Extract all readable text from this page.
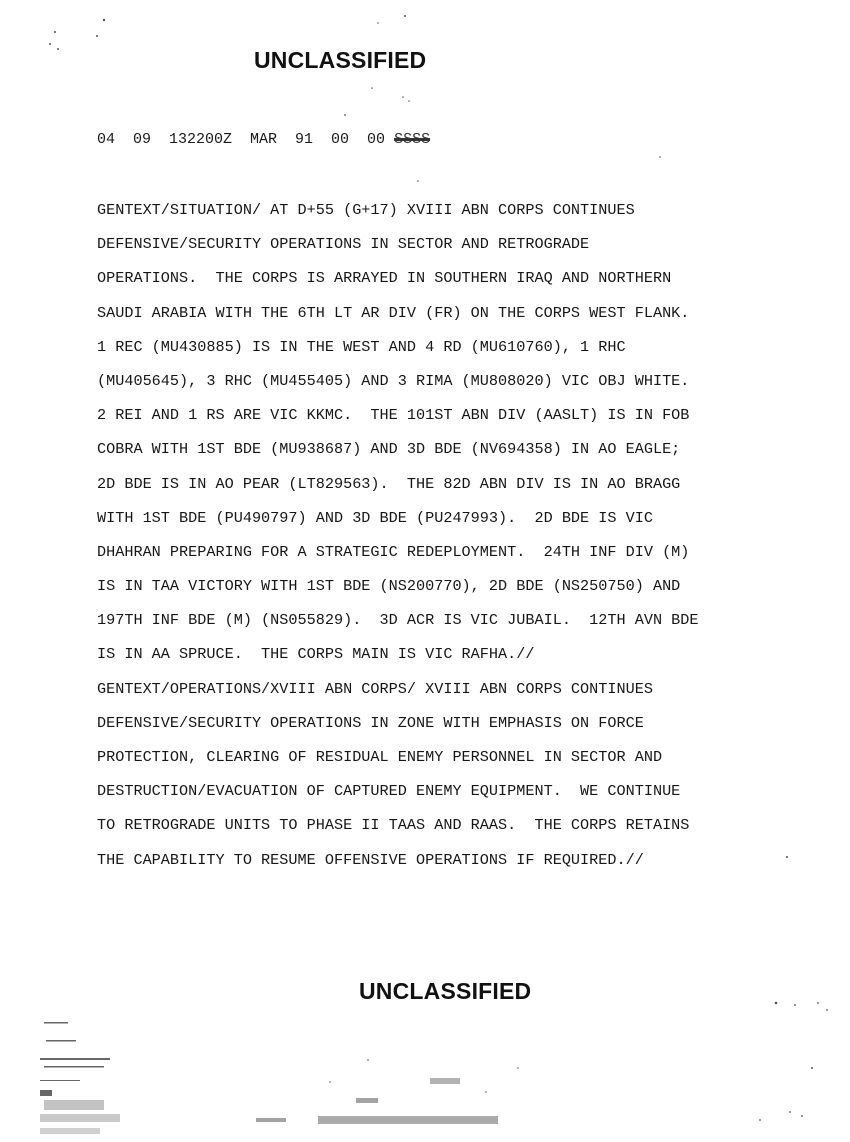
UNCLASSIFIED
04  09  132200Z  MAR  91  00  00 SSSS
GENTEXT/SITUATION/ AT D+55 (G+17) XVIII ABN CORPS CONTINUES
DEFENSIVE/SECURITY OPERATIONS IN SECTOR AND RETROGRADE
OPERATIONS.  THE CORPS IS ARRAYED IN SOUTHERN IRAQ AND NORTHERN
SAUDI ARABIA WITH THE 6TH LT AR DIV (FR) ON THE CORPS WEST FLANK.
1 REC (MU430885) IS IN THE WEST AND 4 RD (MU610760), 1 RHC
(MU405645), 3 RHC (MU455405) AND 3 RIMA (MU808020) VIC OBJ WHITE.
2 REI AND 1 RS ARE VIC KKMC.  THE 101ST ABN DIV (AASLT) IS IN FOB
COBRA WITH 1ST BDE (MU938687) AND 3D BDE (NV694358) IN AO EAGLE;
2D BDE IS IN AO PEAR (LT829563).  THE 82D ABN DIV IS IN AO BRAGG
WITH 1ST BDE (PU490797) AND 3D BDE (PU247993).  2D BDE IS VIC
DHAHRAN PREPARING FOR A STRATEGIC REDEPLOYMENT.  24TH INF DIV (M)
IS IN TAA VICTORY WITH 1ST BDE (NS200770), 2D BDE (NS250750) AND
197TH INF BDE (M) (NS055829).  3D ACR IS VIC JUBAIL.  12TH AVN BDE
IS IN AA SPRUCE.  THE CORPS MAIN IS VIC RAFHA.//
GENTEXT/OPERATIONS/XVIII ABN CORPS/ XVIII ABN CORPS CONTINUES
DEFENSIVE/SECURITY OPERATIONS IN ZONE WITH EMPHASIS ON FORCE
PROTECTION, CLEARING OF RESIDUAL ENEMY PERSONNEL IN SECTOR AND
DESTRUCTION/EVACUATION OF CAPTURED ENEMY EQUIPMENT.  WE CONTINUE
TO RETROGRADE UNITS TO PHASE II TAAS AND RAAS.  THE CORPS RETAINS
THE CAPABILITY TO RESUME OFFENSIVE OPERATIONS IF REQUIRED.//
UNCLASSIFIED
